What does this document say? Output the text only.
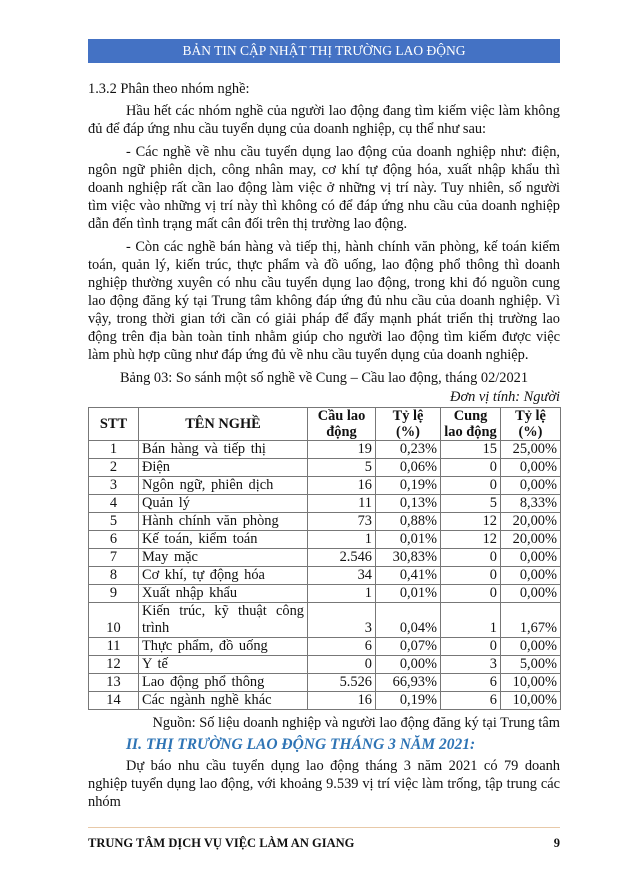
BẢN TIN CẬP NHẬT THỊ TRƯỜNG LAO ĐỘNG
1.3.2 Phân theo nhóm nghề:

Hầu hết các nhóm nghề của người lao động đang tìm kiếm việc làm không đủ để đáp ứng nhu cầu tuyển dụng của doanh nghiệp, cụ thể như sau:

- Các nghề về nhu cầu tuyển dụng lao động của doanh nghiệp như: điện, ngôn ngữ phiên dịch, công nhân may, cơ khí tự động hóa, xuất nhập khẩu thì doanh nghiệp rất cần lao động làm việc ở những vị trí này. Tuy nhiên, số người tìm việc vào những vị trí này thì không có để đáp ứng nhu cầu của doanh nghiệp dẫn đến tình trạng mất cân đối trên thị trường lao động.

- Còn các nghề bán hàng và tiếp thị, hành chính văn phòng, kế toán kiểm toán, quản lý, kiến trúc, thực phẩm và đồ uống, lao động phổ thông thì doanh nghiệp thường xuyên có nhu cầu tuyển dụng lao động, trong khi đó nguồn cung lao động đăng ký tại Trung tâm không đáp ứng đủ nhu cầu của doanh nghiệp. Vì vậy, trong thời gian tới cần có giải pháp để đẩy mạnh phát triển thị trường lao động trên địa bàn toàn tỉnh nhằm giúp cho người lao động tìm kiếm được việc làm phù hợp cũng như đáp ứng đủ về nhu cầu tuyển dụng của doanh nghiệp.

Bảng 03: So sánh một số nghề về Cung – Cầu lao động, tháng 02/2021

Đơn vị tính: Người
STT	TÊN NGHỀ	Cầu lao động	Tỷ lệ (%)	Cung lao động	Tỷ lệ (%)
1	Bán hàng và tiếp thị	19	0,23%	15	25,00%
2	Điện	5	0,06%	0	0,00%
3	Ngôn ngữ, phiên dịch	16	0,19%	0	0,00%
4	Quản lý	11	0,13%	5	8,33%
5	Hành chính văn phòng	73	0,88%	12	20,00%
6	Kế toán, kiểm toán	1	0,01%	12	20,00%
7	May mặc	2.546	30,83%	0	0,00%
8	Cơ khí, tự động hóa	34	0,41%	0	0,00%
9	Xuất nhập khẩu	1	0,01%	0	0,00%
10	Kiến trúc, kỹ thuật công trình	3	0,04%	1	1,67%
11	Thực phẩm, đồ uống	6	0,07%	0	0,00%
12	Y tế	0	0,00%	3	5,00%
13	Lao động phổ thông	5.526	66,93%	6	10,00%
14	Các ngành nghề khác	16	0,19%	6	10,00%

Nguồn: Số liệu doanh nghiệp và người lao động đăng ký tại Trung tâm

II. THỊ TRƯỜNG LAO ĐỘNG THÁNG 3 NĂM 2021:

Dự báo nhu cầu tuyển dụng lao động tháng 3 năm 2021 có 79 doanh nghiệp tuyển dụng lao động, với khoảng 9.539 vị trí việc làm trống, tập trung các nhóm

TRUNG TÂM DỊCH VỤ VIỆC LÀM AN GIANG	9
